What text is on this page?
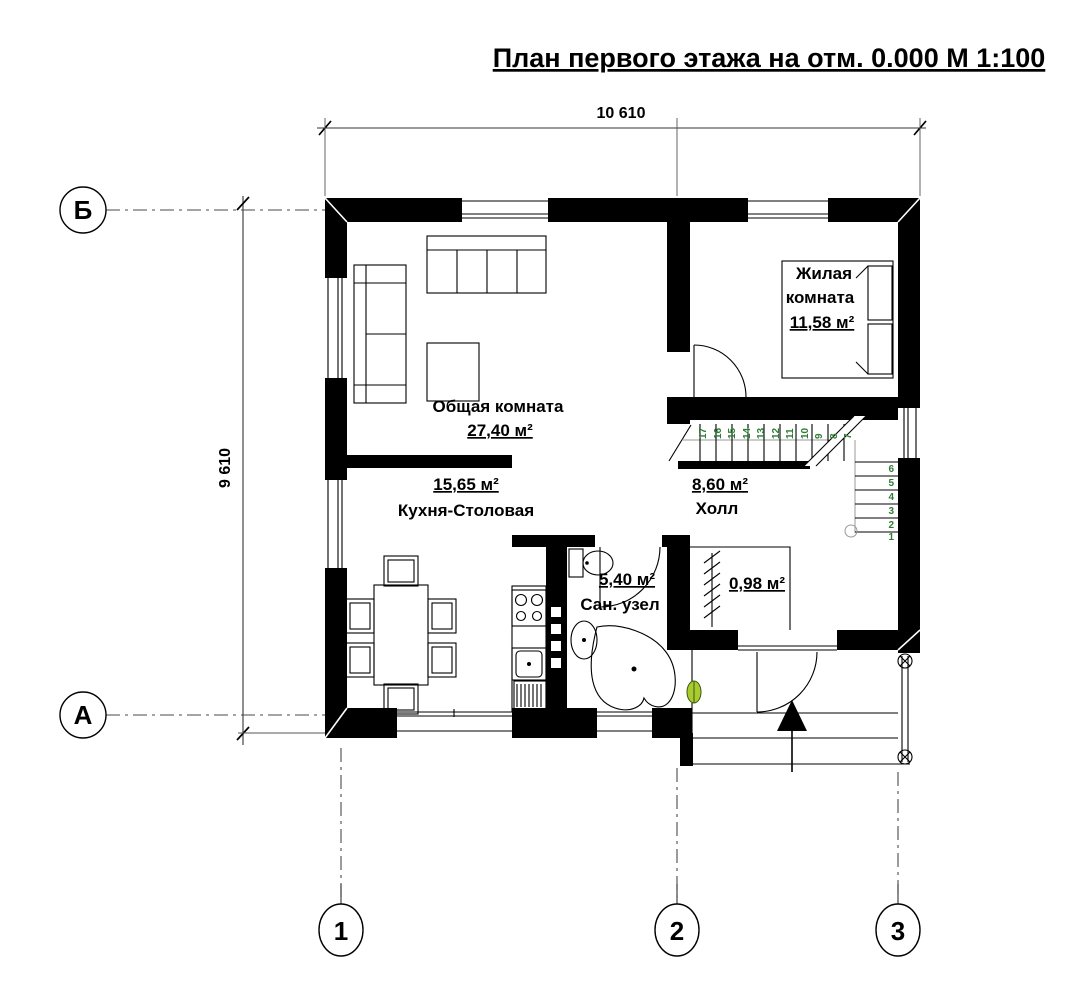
План первого этажа на отм. 0.000 М 1:100
10 610
9 610
Б
А
1	2	3
17 16 15 14 13 12 11 10 9 8 7
6
5
4
3
2
1
Общая комната
27,40 м²
15,65 м²
Кухня-Столовая
Жилая
комната
11,58 м²
8,60 м²
Холл
5,40 м²
Сан. узел
0,98 м²
